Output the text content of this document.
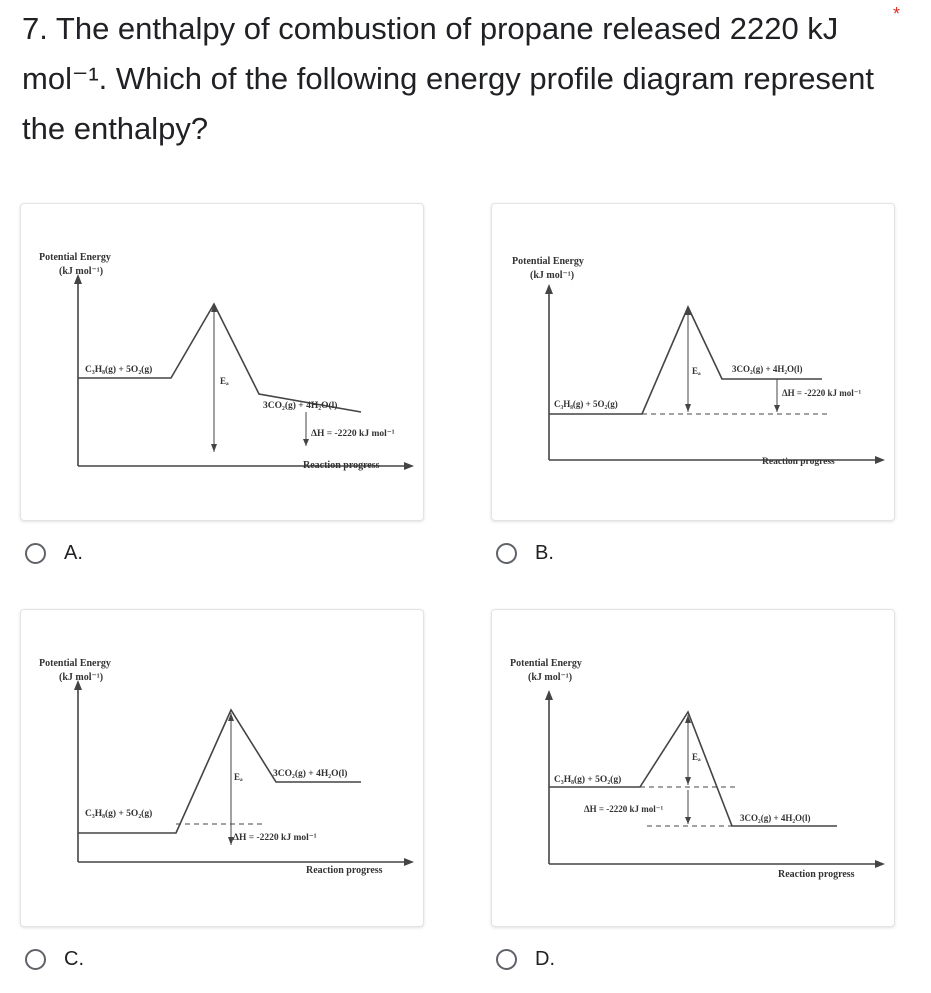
7. The enthalpy of combustion of propane released 2220 kJ mol⁻¹. Which of the following energy profile diagram represent the enthalpy?
*
Potential Energy
(kJ mol⁻¹)
C₃H₈(g) + 5O₂(g)
Eₐ
3CO₂(g) + 4H₂O(l)
ΔH = -2220 kJ mol⁻¹
Reaction progress
A.
Potential Energy
(kJ mol⁻¹)
C₃H₈(g) + 5O₂(g)
Eₐ	3CO₂(g) + 4H₂O(l)
ΔH = -2220 kJ mol⁻¹
Reaction progress
B.
Potential Energy
(kJ mol⁻¹)
C₃H₈(g) + 5O₂(g)
Eₐ	3CO₂(g) + 4H₂O(l)
ΔH = -2220 kJ mol⁻¹
Reaction progress
C.
Potential Energy
(kJ mol⁻¹)
C₃H₈(g) + 5O₂(g)
Eₐ
ΔH = -2220 kJ mol⁻¹
3CO₂(g) + 4H₂O(l)
Reaction progress
D.
